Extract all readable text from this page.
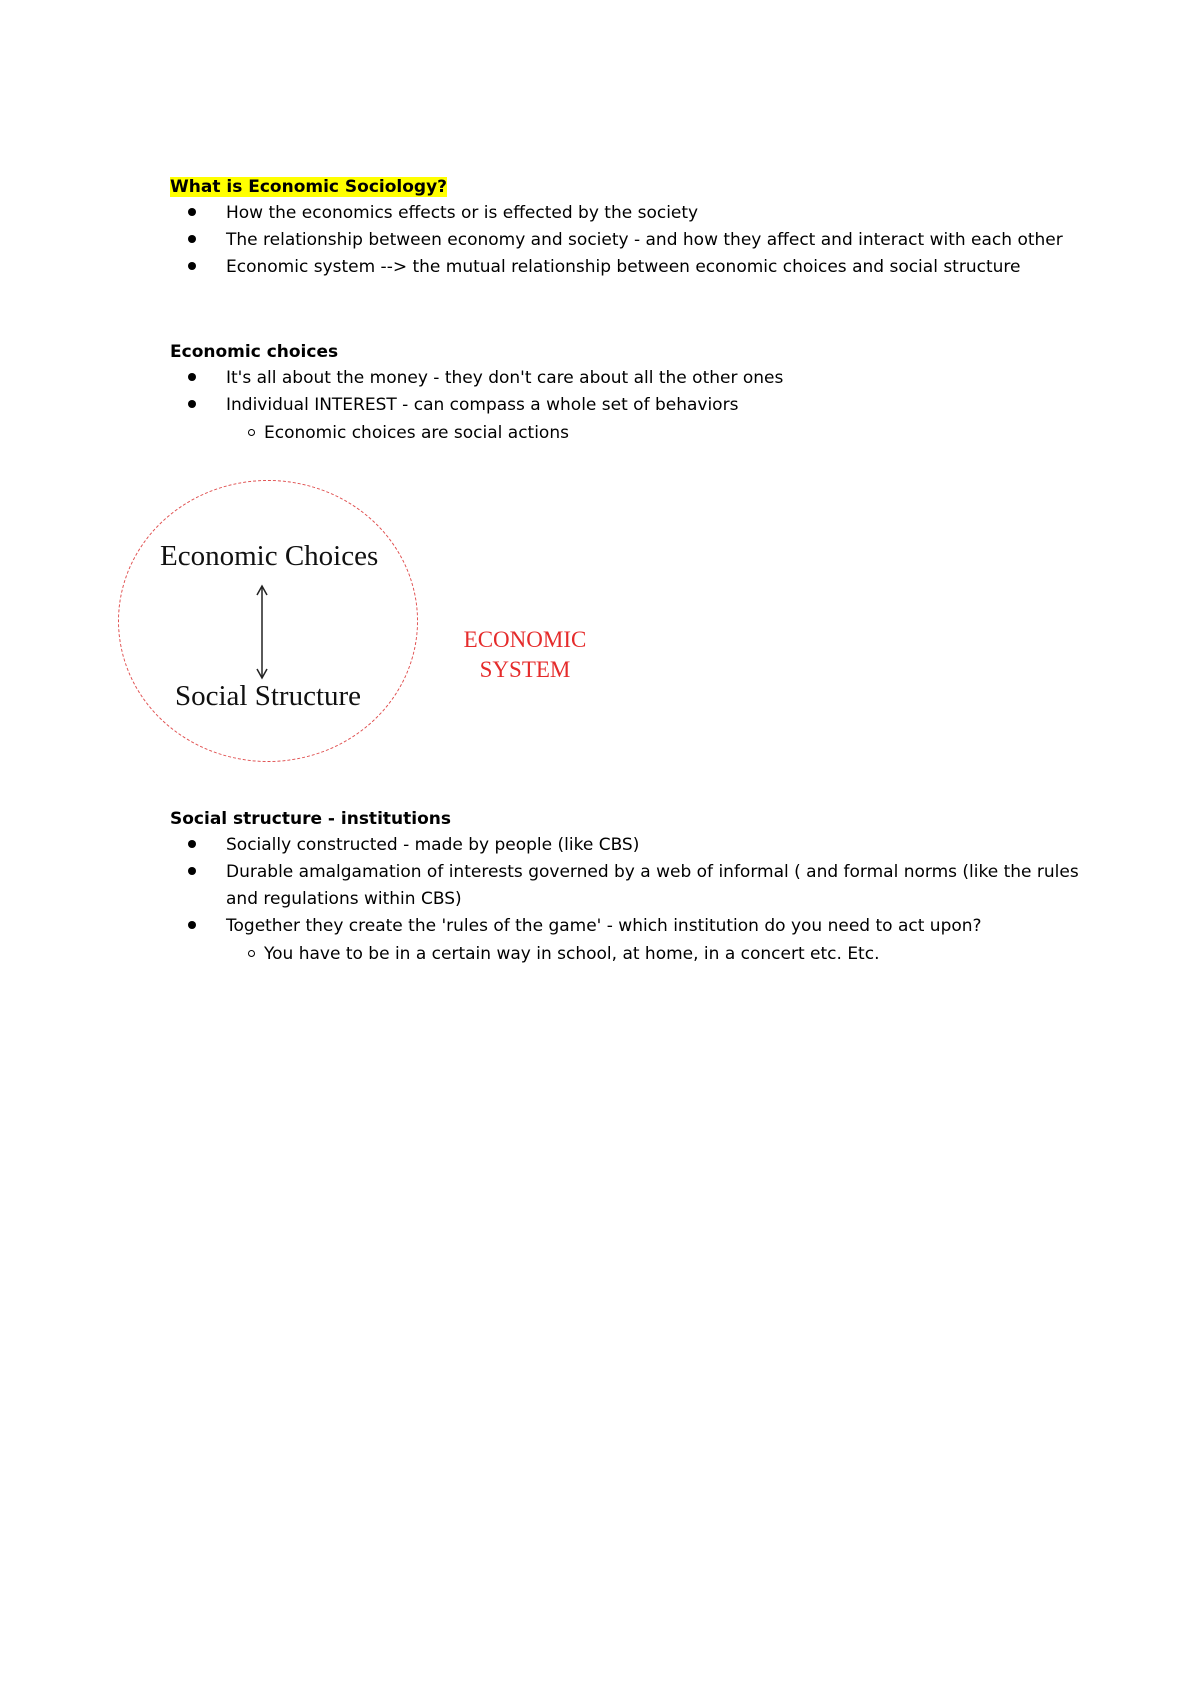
What is Economic Sociology?
How the economics effects or is effected by the society
The relationship between economy and society - and how they affect and interact with each other
Economic system --> the mutual relationship between economic choices and social structure
Economic choices
It's all about the money - they don't care about all the other ones
Individual INTEREST - can compass a whole set of behaviors
Economic choices are social actions
Economic Choices
Social Structure
ECONOMIC
SYSTEM
Social structure - institutions
Socially constructed - made by people (like CBS)
Durable amalgamation of interests governed by a web of informal ( and formal norms (like the rules and regulations within CBS)
Together they create the 'rules of the game' - which institution do you need to act upon?
You have to be in a certain way in school, at home, in a concert etc. Etc.
